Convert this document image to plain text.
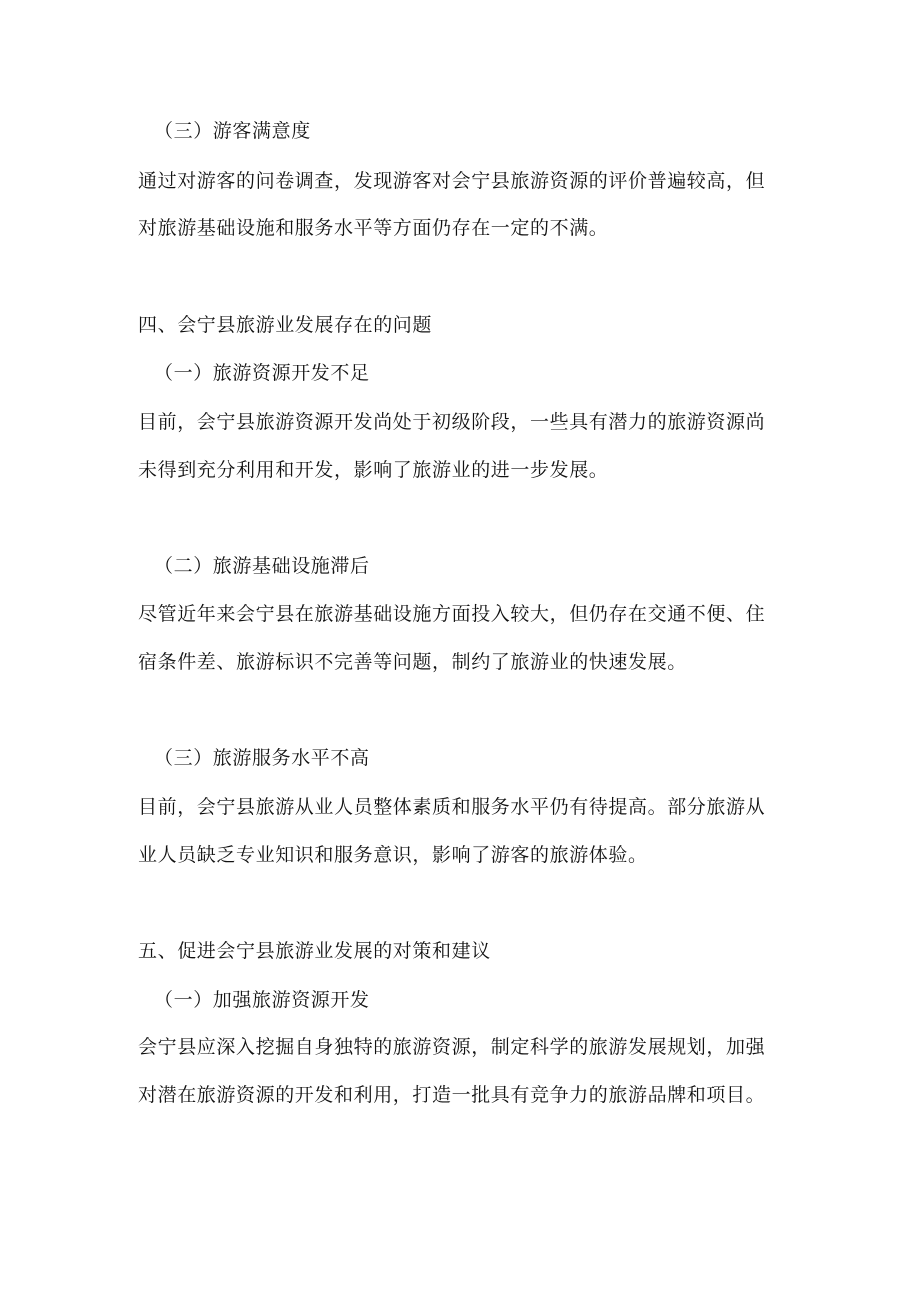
（三）游客满意度
通过对游客的问卷调查，发现游客对会宁县旅游资源的评价普遍较高，但
对旅游基础设施和服务水平等方面仍存在一定的不满。
四、会宁县旅游业发展存在的问题
（一）旅游资源开发不足
目前，会宁县旅游资源开发尚处于初级阶段，一些具有潜力的旅游资源尚
未得到充分利用和开发，影响了旅游业的进一步发展。
（二）旅游基础设施滞后
尽管近年来会宁县在旅游基础设施方面投入较大，但仍存在交通不便、住
宿条件差、旅游标识不完善等问题，制约了旅游业的快速发展。
（三）旅游服务水平不高
目前，会宁县旅游从业人员整体素质和服务水平仍有待提高。部分旅游从
业人员缺乏专业知识和服务意识，影响了游客的旅游体验。
五、促进会宁县旅游业发展的对策和建议
（一）加强旅游资源开发
会宁县应深入挖掘自身独特的旅游资源，制定科学的旅游发展规划，加强
对潜在旅游资源的开发和利用，打造一批具有竞争力的旅游品牌和项目。
